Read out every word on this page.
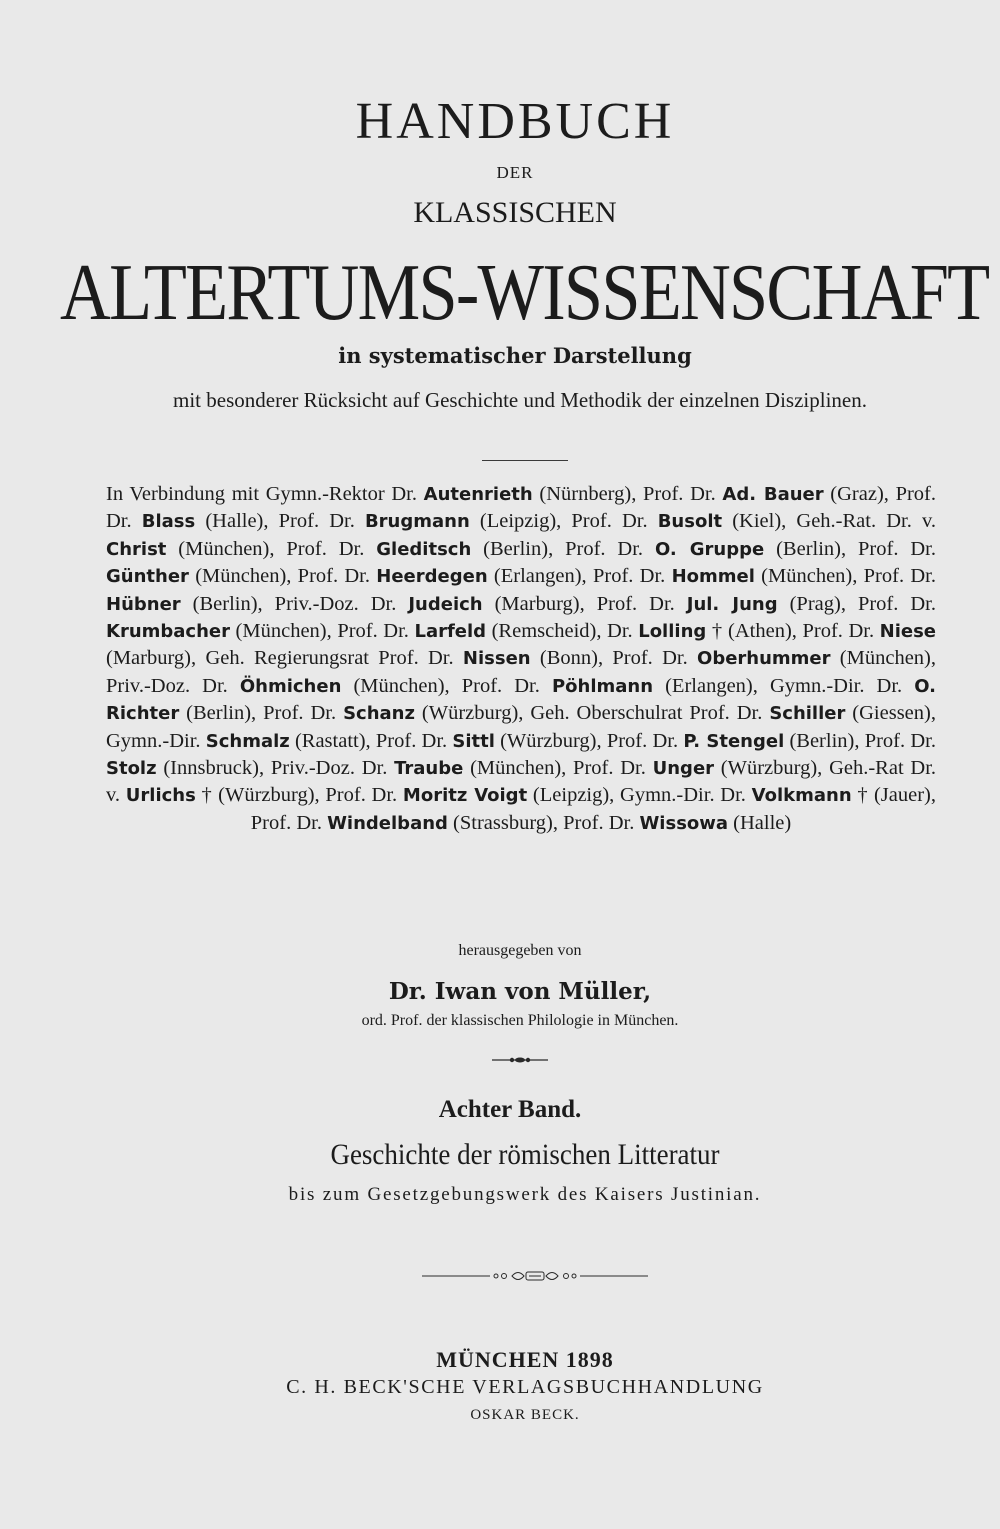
HANDBUCH
DER
KLASSISCHEN
ALTERTUMS-WISSENSCHAFT
in systematischer Darstellung
mit besonderer Rücksicht auf Geschichte und Methodik der einzelnen Disziplinen.
In Verbindung mit Gymn.-Rektor Dr. Autenrieth (Nürnberg), Prof. Dr. Ad. Bauer (Graz), Prof. Dr. Blass (Halle), Prof. Dr. Brugmann (Leipzig), Prof. Dr. Busolt (Kiel), Geh.-Rat. Dr. v. Christ (München), Prof. Dr. Gleditsch (Berlin), Prof. Dr. O. Gruppe (Berlin), Prof. Dr. Günther (München), Prof. Dr. Heerdegen (Erlangen), Prof. Dr. Hommel (München), Prof. Dr. Hübner (Berlin), Priv.-Doz. Dr. Judeich (Marburg), Prof. Dr. Jul. Jung (Prag), Prof. Dr. Krumbacher (München), Prof. Dr. Larfeld (Remscheid), Dr. Lolling † (Athen), Prof. Dr. Niese (Marburg), Geh. Regierungsrat Prof. Dr. Nissen (Bonn), Prof. Dr. Oberhummer (München), Priv.-Doz. Dr. Öhmichen (München), Prof. Dr. Pöhlmann (Erlangen), Gymn.-Dir. Dr. O. Richter (Berlin), Prof. Dr. Schanz (Würzburg), Geh. Oberschulrat Prof. Dr. Schiller (Giessen), Gymn.-Dir. Schmalz (Rastatt), Prof. Dr. Sittl (Würzburg), Prof. Dr. P. Stengel (Berlin), Prof. Dr. Stolz (Innsbruck), Priv.-Doz. Dr. Traube (München), Prof. Dr. Unger (Würzburg), Geh.-Rat Dr. v. Urlichs † (Würzburg), Prof. Dr. Moritz Voigt (Leipzig), Gymn.-Dir. Dr. Volkmann † (Jauer), Prof. Dr. Windelband (Strassburg), Prof. Dr. Wissowa (Halle)
herausgegeben von
Dr. Iwan von Müller,
ord. Prof. der klassischen Philologie in München.
Achter Band.
Geschichte der römischen Litteratur
bis zum Gesetzgebungswerk des Kaisers Justinian.
MÜNCHEN 1898
C. H. BECK'SCHE VERLAGSBUCHHANDLUNG
OSKAR BECK.
